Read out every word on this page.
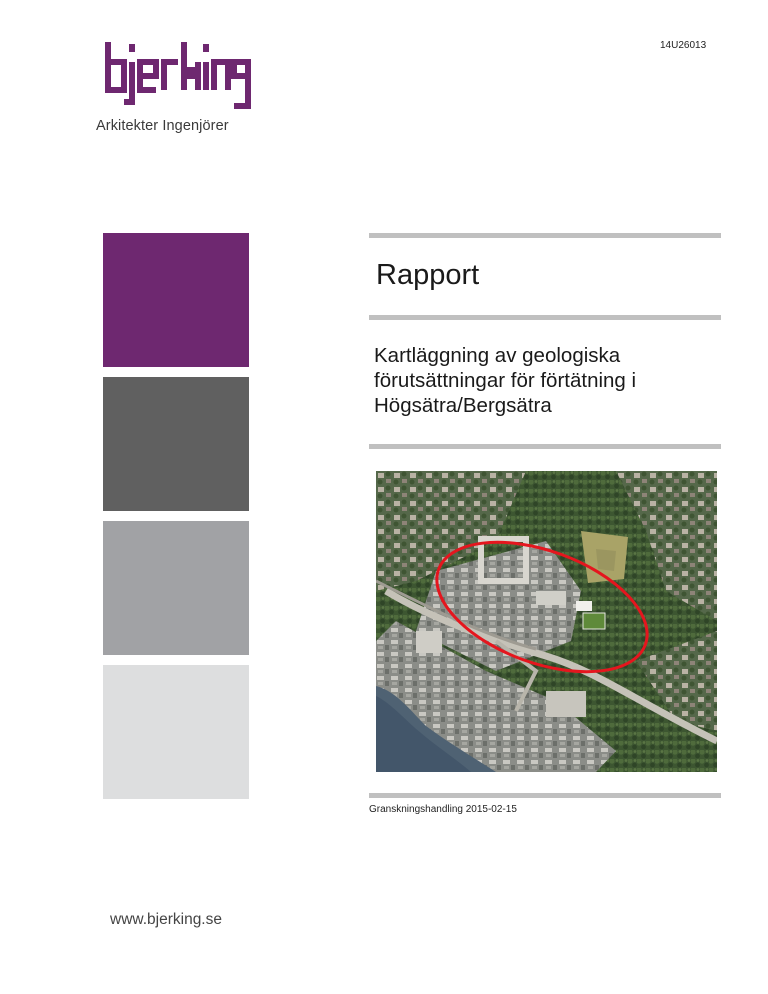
Arkitekter Ingenjörer
14U26013
Rapport
Kartläggning av geologiska
förutsättningar för förtätning i
Högsätra/Bergsätra
Granskningshandling 2015-02-15
www.bjerking.se
